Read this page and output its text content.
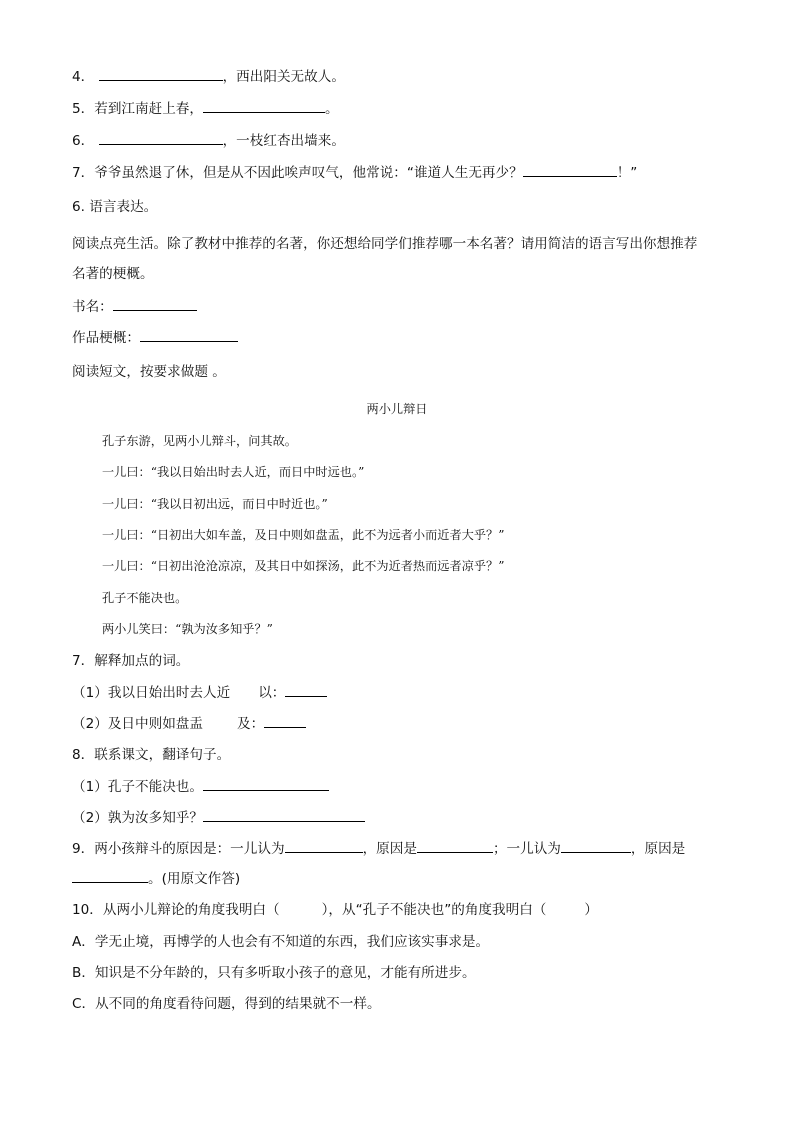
4．	，西出阳关无故人。
5．若到江南赶上春，	。
6．	，一枝红杏出墙来。
7．爷爷虽然退了休，但是从不因此唉声叹气，他常说：“谁道人生无再少？	！”
6. 语言表达。
阅读点亮生活。除了教材中推荐的名著，你还想给同学们推荐哪一本名著？请用简洁的语言写出你想推荐
名著的梗概。
书名：
作品梗概：
阅读短文，按要求做题 。
两小儿辩日
孔子东游，见两小儿辩斗，问其故。
一儿曰：“我以日始出时去人近，而日中时远也。”
一儿曰：“我以日初出远，而日中时近也。”
一儿曰：“日初出大如车盖，及日中则如盘盂，此不为远者小而近者大乎？”
一儿曰：“日初出沧沧凉凉，及其日中如探汤，此不为近者热而远者凉乎？”
孔子不能决也。
两小儿笑曰：“孰为汝多知乎？”
7．解释加点的词。
（1）我以日始出时去人近 以：
（2）及日中则如盘盂	及：
8．联系课文，翻译句子。
（1）孔子不能决也。
（2）孰为汝多知乎？
9．两小孩辩斗的原因是：一儿认为	，原因是	；一儿认为	，原因是
。(用原文作答)
10．从两小儿辩论的角度我明白（	），从“孔子不能决也”的角度我明白（	）
A．学无止境，再博学的人也会有不知道的东西，我们应该实事求是。
B．知识是不分年龄的，只有多听取小孩子的意见，才能有所进步。
C．从不同的角度看待问题，得到的结果就不一样。
